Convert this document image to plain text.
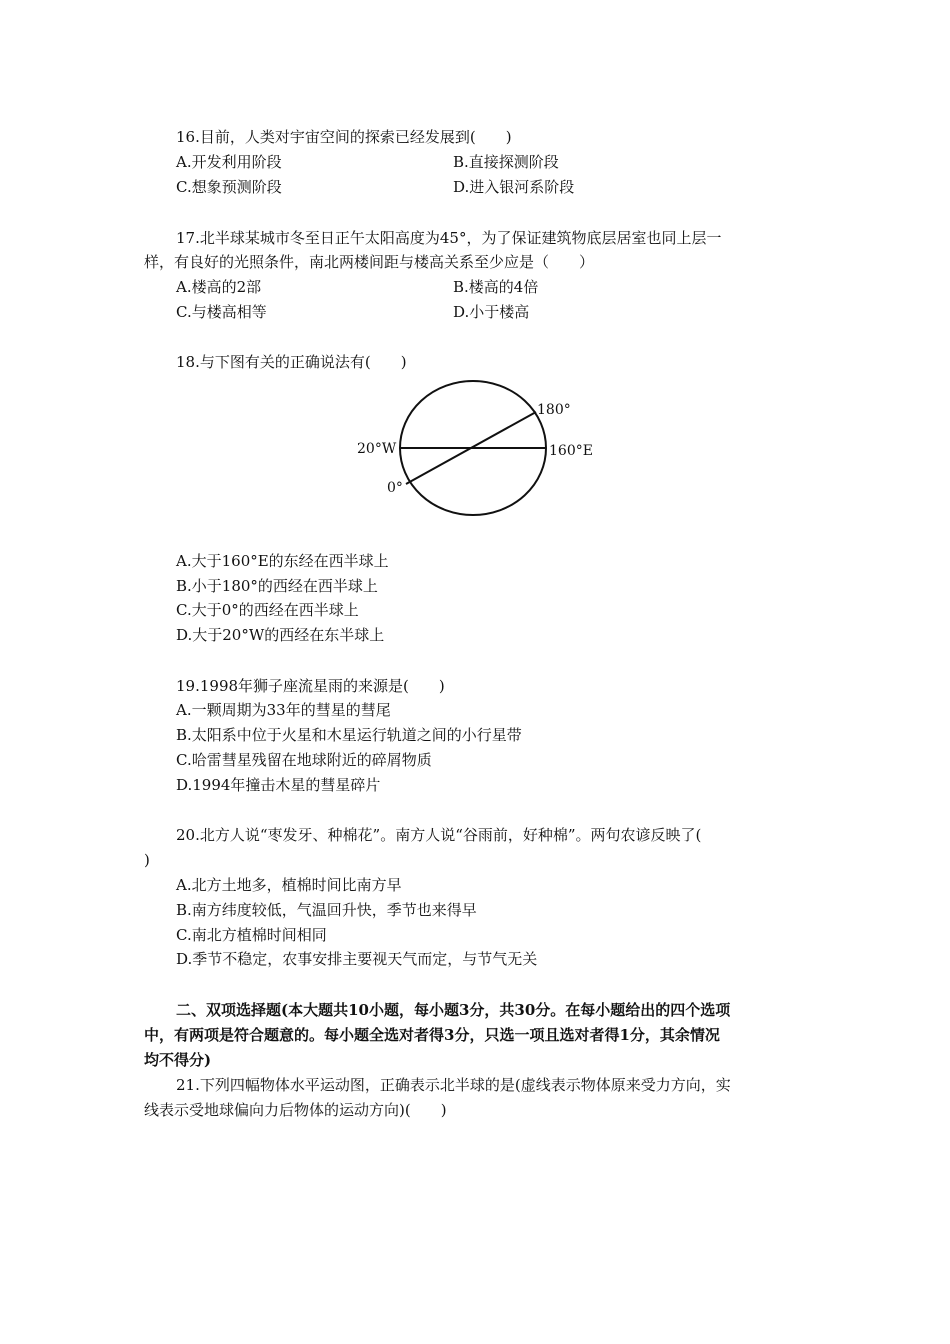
16.目前，人类对宇宙空间的探索已经发展到(　　)
A.开发利用阶段	B.直接探测阶段
C.想象预测阶段	D.进入银河系阶段
17.北半球某城市冬至日正午太阳高度为45°，为了保证建筑物底层居室也同上层一
样，有良好的光照条件，南北两楼间距与楼高关系至少应是（　　）
A.楼高的2部	B.楼高的4倍
C.与楼高相等	D.小于楼高
18.与下图有关的正确说法有(　　)
180°
20°W	160°E
0°
A.大于160°E的东经在西半球上
B.小于180°的西经在西半球上
C.大于0°的西经在西半球上
D.大于20°W的西经在东半球上
19.1998年狮子座流星雨的来源是(　　)
A.一颗周期为33年的彗星的彗尾
B.太阳系中位于火星和木星运行轨道之间的小行星带
C.哈雷彗星残留在地球附近的碎屑物质
D.1994年撞击木星的彗星碎片
20.北方人说“枣发牙、种棉花”。南方人说“谷雨前，好种棉”。两句农谚反映了(
)
A.北方土地多，植棉时间比南方早
B.南方纬度较低，气温回升快，季节也来得早
C.南北方植棉时间相同
D.季节不稳定，农事安排主要视天气而定，与节气无关
二、双项选择题(本大题共10小题，每小题3分，共30分。在每小题给出的四个选项
中，有两项是符合题意的。每小题全选对者得3分，只选一项且选对者得1分，其余情况
均不得分)
21.下列四幅物体水平运动图，正确表示北半球的是(虚线表示物体原来受力方向，实
线表示受地球偏向力后物体的运动方向)(　　)
